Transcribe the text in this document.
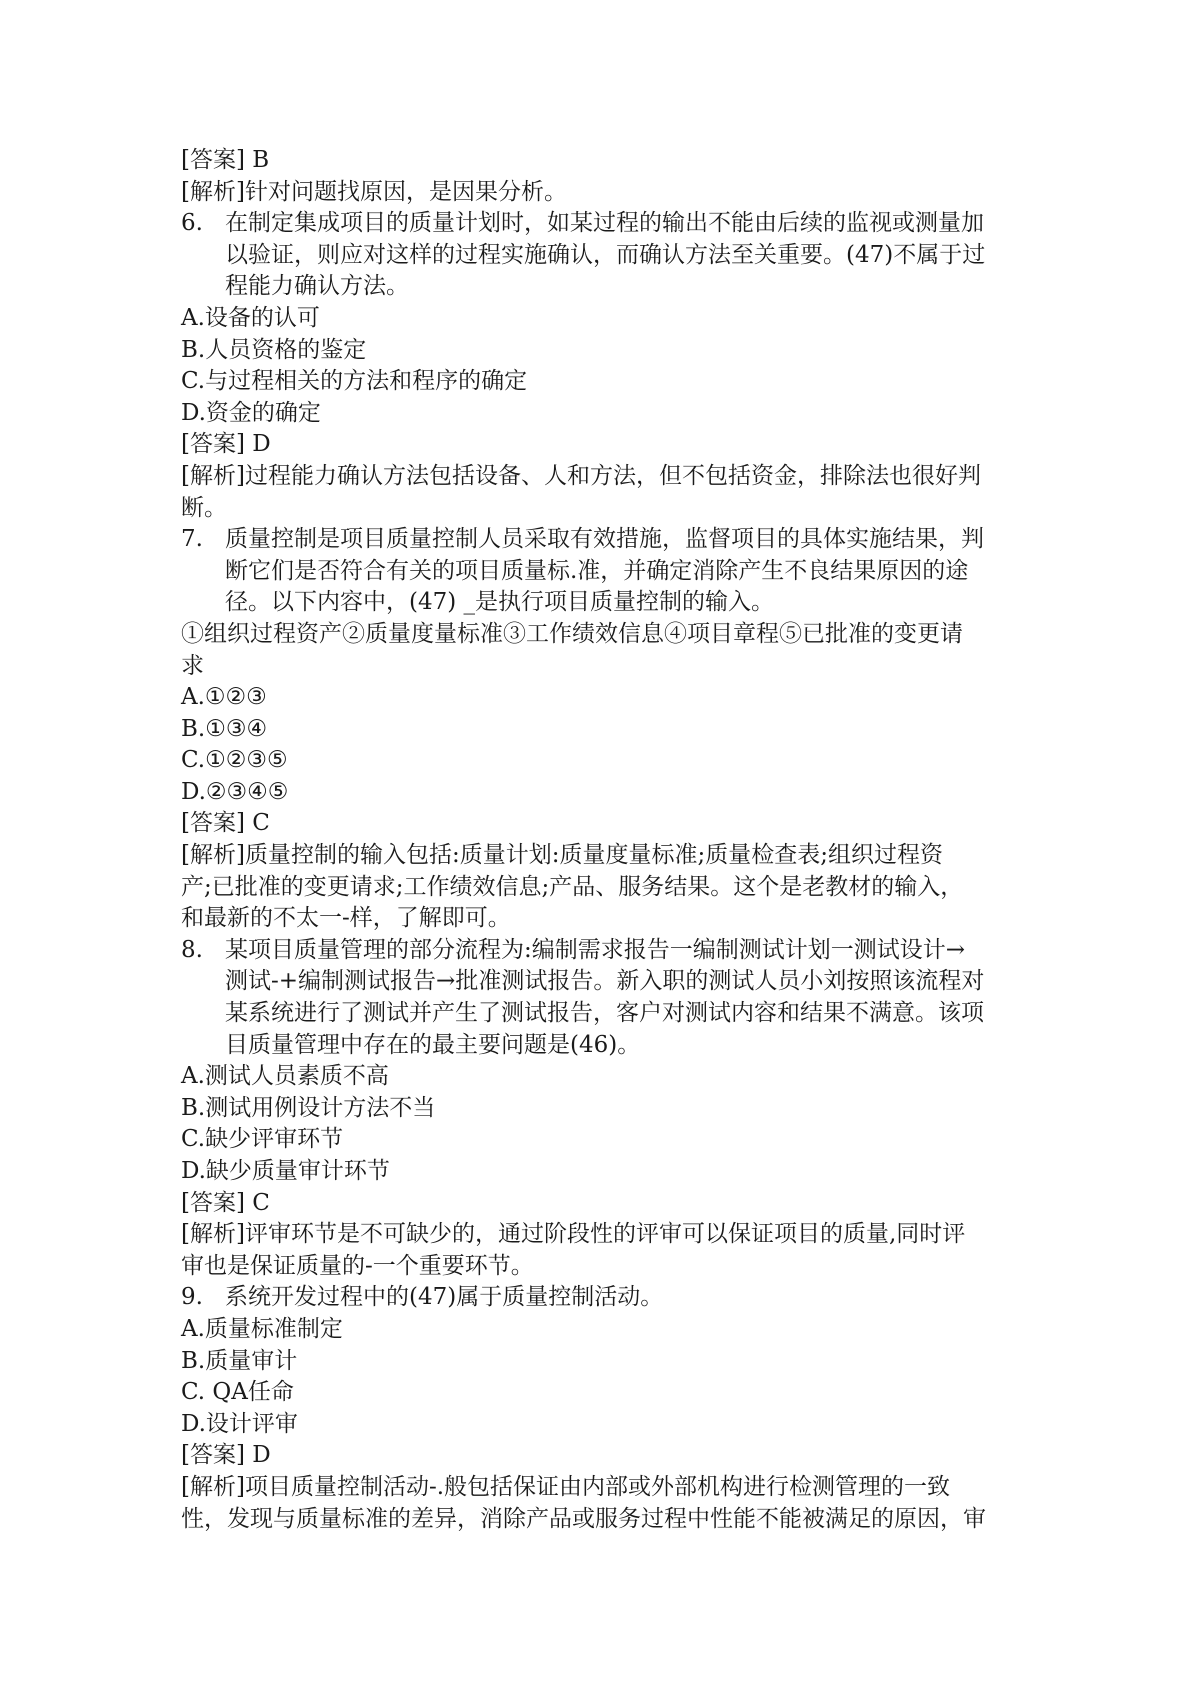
[答案] B
[解析]针对问题找原因，是因果分析。
6. 在制定集成项目的质量计划时，如某过程的输出不能由后续的监视或测量加
以验证，则应对这样的过程实施确认，而确认方法至关重要。(47)不属于过
程能力确认方法。
A.设备的认可
B.人员资格的鉴定
C.与过程相关的方法和程序的确定
D.资金的确定
[答案] D
[解析]过程能力确认方法包括设备、人和方法，但不包括资金，排除法也很好判
断。
7. 质量控制是项目质量控制人员采取有效措施，监督项目的具体实施结果，判
断它们是否符合有关的项目质量标.准，并确定消除产生不良结果原因的途
径。以下内容中，(47) _是执行项目质量控制的输入。
①组织过程资产②质量度量标准③工作绩效信息④项目章程⑤已批准的变更请
求
A.①②③
B.①③④
C.①②③⑤
D.②③④⑤
[答案] C
[解析]质量控制的输入包括:质量计划:质量度量标准;质量检查表;组织过程资
产;已批准的变更请求;工作绩效信息;产品、服务结果。这个是老教材的输入，
和最新的不太一-样，了解即可。
8. 某项目质量管理的部分流程为:编制需求报告一编制测试计划一测试设计→
测试-+编制测试报告→批准测试报告。新入职的测试人员小刘按照该流程对
某系统进行了测试并产生了测试报告，客户对测试内容和结果不满意。该项
目质量管理中存在的最主要问题是(46)。
A.测试人员素质不高
B.测试用例设计方法不当
C.缺少评审环节
D.缺少质量审计环节
[答案] C
[解析]评审环节是不可缺少的，通过阶段性的评审可以保证项目的质量,同时评
审也是保证质量的-一个重要环节。
9. 系统开发过程中的(47)属于质量控制活动。
A.质量标准制定
B.质量审计
C. QA任命
D.设计评审
[答案] D
[解析]项目质量控制活动-.般包括保证由内部或外部机构进行检测管理的一致
性，发现与质量标准的差异，消除产品或服务过程中性能不能被满足的原因，审
